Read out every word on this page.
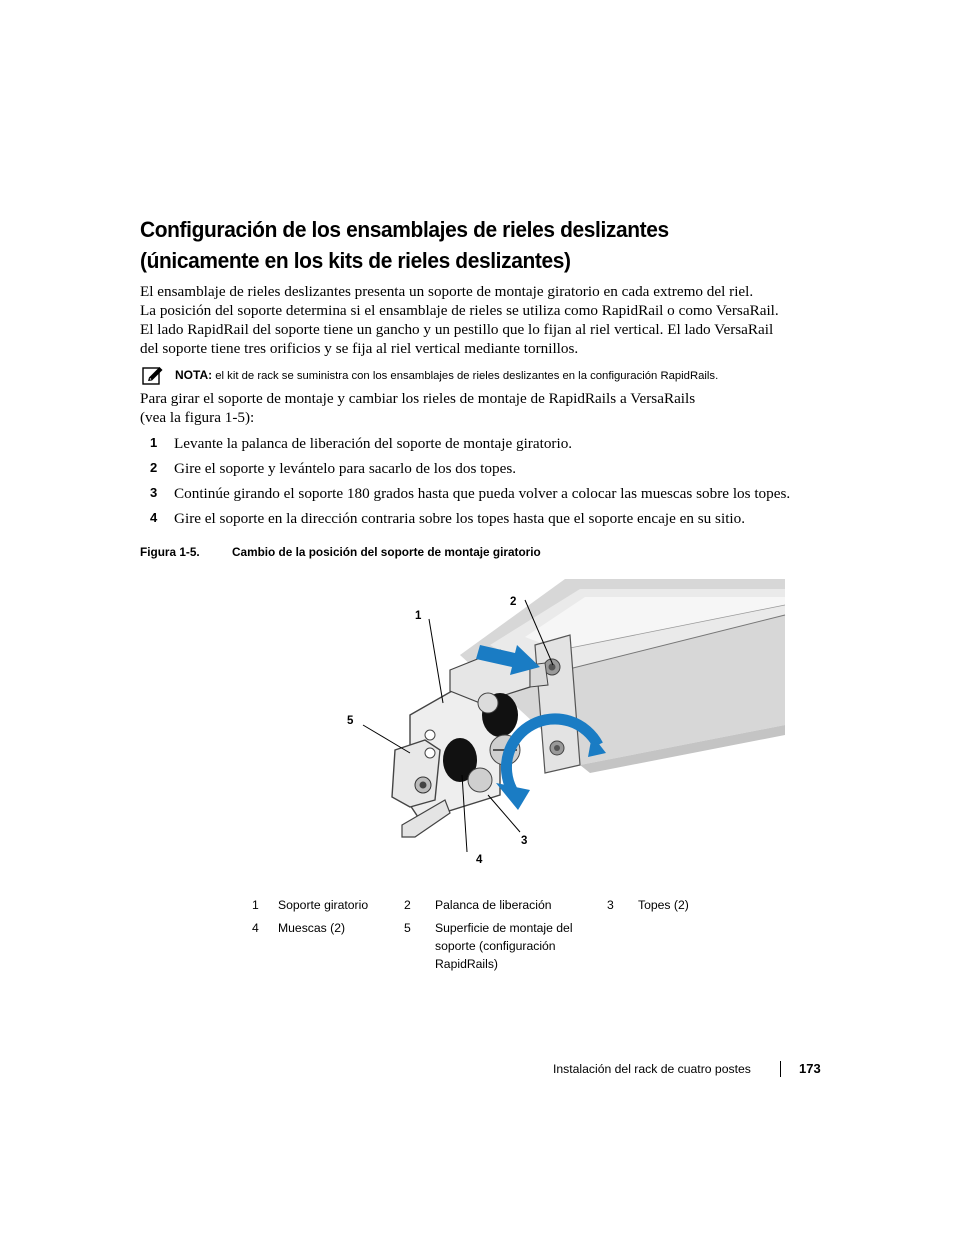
Configuración de los ensamblajes de rieles deslizantes
(únicamente en los kits de rieles deslizantes)

El ensamblaje de rieles deslizantes presenta un soporte de montaje giratorio en cada extremo del riel.

La posición del soporte determina si el ensamblaje de rieles se utiliza como RapidRail o como VersaRail.

El lado RapidRail del soporte tiene un gancho y un pestillo que lo fijan al riel vertical. El lado VersaRail

del soporte tiene tres orificios y se fija al riel vertical mediante tornillos.

NOTA: el kit de rack se suministra con los ensamblajes de rieles deslizantes en la configuración RapidRails.

Para girar el soporte de montaje y cambiar los rieles de montaje de RapidRails a VersaRails

(vea la figura 1-5):

1 Levante la palanca de liberación del soporte de montaje giratorio.
2 Gire el soporte y levántelo para sacarlo de los dos topes.
3 Continúe girando el soporte 180 grados hasta que pueda volver a colocar las muescas sobre los topes.
4 Gire el soporte en la dirección contraria sobre los topes hasta que el soporte encaje en su sitio.
Figura 1-5.	Cambio de la posición del soporte de montaje giratorio
1
2
3
4
5
1 Soporte giratorio	2 Palanca de liberación	3 Topes (2)
4 Muescas (2)	5 Superficie de montaje del
soporte (configuración
RapidRails)
Instalación del rack de cuatro postes	173
